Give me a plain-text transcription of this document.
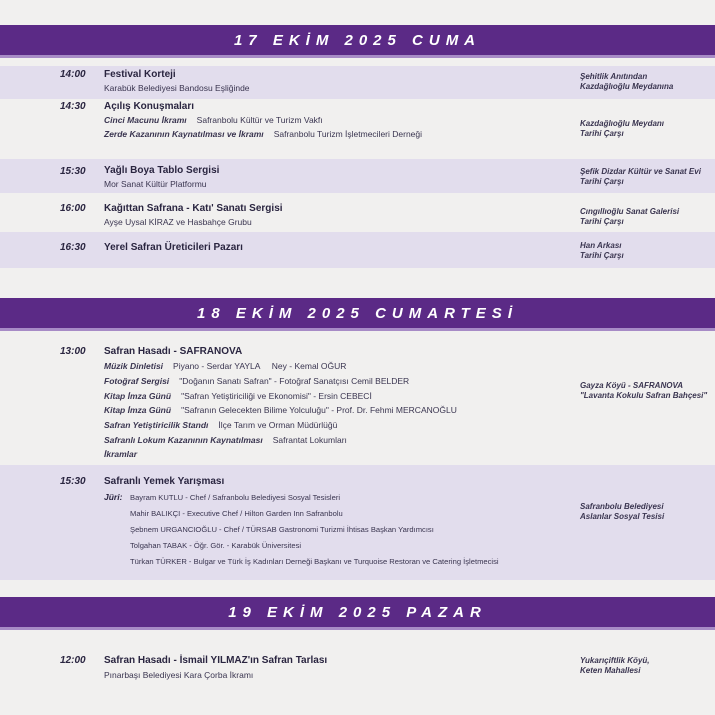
17 EKİM 2025 CUMA
14:00 Festival Korteji
Karabük Belediyesi Bandosu Eşliğinde
Şehitlik Anıtından
Kazdağlıoğlu Meydanına
14:30 Açılış Konuşmaları
Cinci Macunu İkramı Safranbolu Kültür ve Turizm Vakfı
Zerde Kazanının Kaynatılması ve İkramı Safranbolu Turizm İşletmecileri Derneği
Kazdağlıoğlu Meydanı
Tarihi Çarşı
15:30 Yağlı Boya Tablo Sergisi
Mor Sanat Kültür Platformu
Şefik Dizdar Kültür ve Sanat Evi
Tarihi Çarşı
16:00 Kağıttan Safrana - Katı' Sanatı Sergisi
Ayşe Uysal KİRAZ ve Hasbahçe Grubu
Cıngıllıoğlu Sanat Galerisi
Tarihi Çarşı
16:30 Yerel Safran Üreticileri Pazarı	Han Arkası
Tarihi Çarşı
18 EKİM 2025 CUMARTESİ
13:00 Safran Hasadı - SAFRANOVA
Müzik Dinletisi Piyano - Serdar YAYLA     Ney - Kemal OĞUR
Fotoğraf Sergisi "Doğanın Sanatı Safran" - Fotoğraf Sanatçısı Cemil BELDER
Kitap İmza Günü "Safran Yetiştiriciliği ve Ekonomisi" - Ersin CEBECİ
Kitap İmza Günü "Safranın Gelecekten Bilime Yolculuğu" - Prof. Dr. Fehmi MERCANOĞLU
Safran Yetiştiricilik Standı İlçe Tarım ve Orman Müdürlüğü
Safranlı Lokum Kazanının Kaynatılması Safrantat Lokumları
İkramlar
Gayza Köyü - SAFRANOVA
"Lavanta Kokulu Safran Bahçesi"
15:30 Safranlı Yemek Yarışması
Jüri: Bayram KUTLU - Chef / Safranbolu Belediyesi Sosyal Tesisleri
Mahir BALIKÇI - Executive Chef / Hilton Garden Inn Safranbolu
Şebnem URGANCIOĞLU - Chef / TÜRSAB Gastronomi Turizmi İhtisas Başkan Yardımcısı
Tolgahan TABAK - Öğr. Gör. - Karabük Üniversitesi
Türkan TÜRKER - Bulgar ve Türk İş Kadınları Derneği Başkanı ve Turquoise Restoran ve Catering İşletmecisi
Safranbolu Belediyesi
Aslanlar Sosyal Tesisi
19 EKİM 2025 PAZAR
12:00 Safran Hasadı - İsmail YILMAZ'ın Safran Tarlası
Pınarbaşı Belediyesi Kara Çorba İkramı
Yukarıçiftlik Köyü,
Keten Mahallesi
